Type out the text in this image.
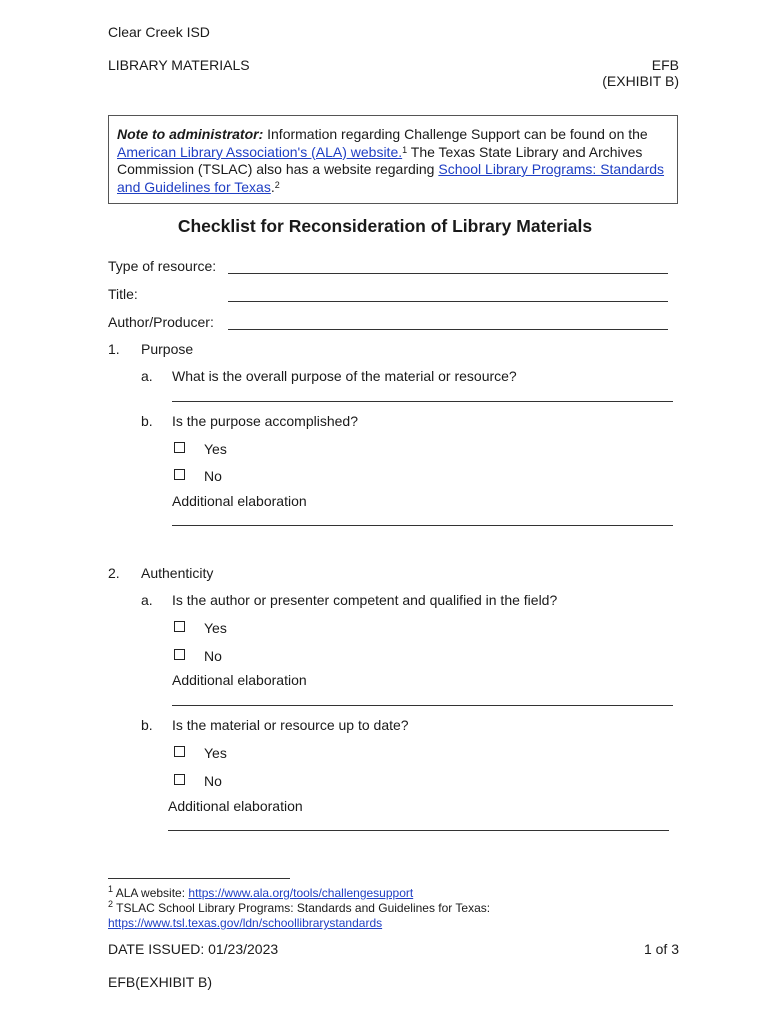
Clear Creek ISD
LIBRARY MATERIALS	EFB
(EXHIBIT B)
Note to administrator: Information regarding Challenge Support can be found on the
American Library Association's (ALA) website.$^1$ The Texas State Library and Archives
Commission (TSLAC) also has a website regarding School Library Programs: Standards
and Guidelines for Texas.$^2$
Checklist for Reconsideration of Library Materials
Type of resource:
Title:
Author/Producer:
1. Purpose
a. What is the overall purpose of the material or resource?
b. Is the purpose accomplished?
Yes
No
Additional elaboration
2. Authenticity
a. Is the author or presenter competent and qualified in the field?
Yes
No
Additional elaboration
b. Is the material or resource up to date?
Yes
No
Additional elaboration
$^1$ ALA website: https://www.ala.org/tools/challengesupport
$^2$ TSLAC School Library Programs: Standards and Guidelines for Texas:
https://www.tsl.texas.gov/ldn/schoollibrarystandards
DATE ISSUED: 01/23/2023	1 of 3
EFB(EXHIBIT B)
